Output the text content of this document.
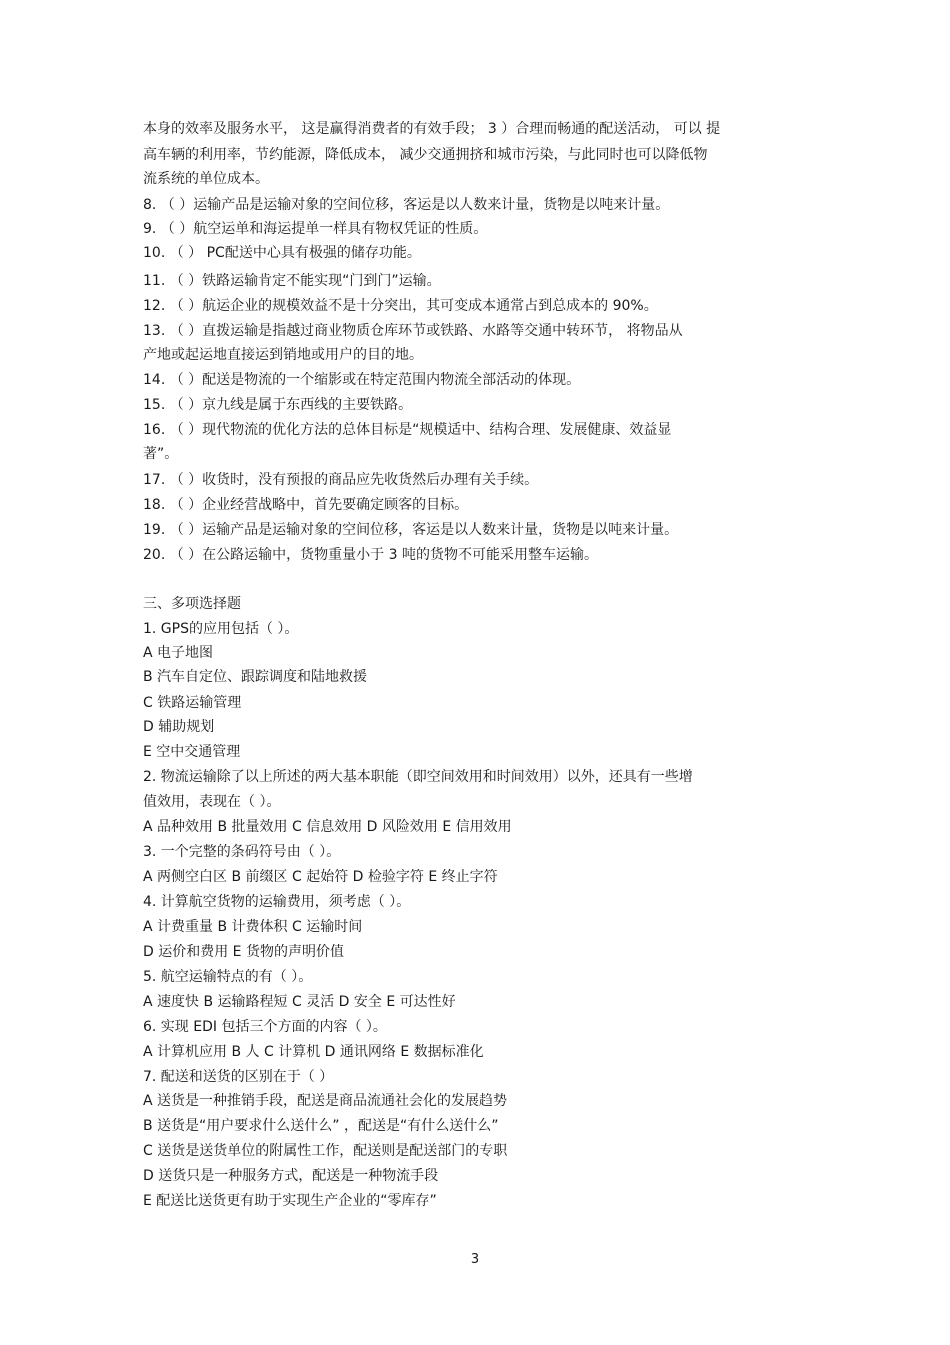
本身的效率及服务水平， 这是赢得消费者的有效手段； 3 ）合理而畅通的配送活动， 可以 提
高车辆的利用率，节约能源，降低成本， 减少交通拥挤和城市污染，与此同时也可以降低物
流系统的单位成本。
8. （ ）运输产品是运输对象的空间位移，客运是以人数来计量，货物是以吨来计量。
9. （ ）航空运单和海运提单一样具有物权凭证的性质。
10. （ ） PC配送中心具有极强的储存功能。
11. （ ）铁路运输肯定不能实现“门到门”运输。
12. （ ）航运企业的规模效益不是十分突出，其可变成本通常占到总成本的 90%。
13. （ ）直拨运输是指越过商业物质仓库环节或铁路、水路等交通中转环节， 将物品从
产地或起运地直接运到销地或用户的目的地。
14. （ ）配送是物流的一个缩影或在特定范围内物流全部活动的体现。
15. （ ）京九线是属于东西线的主要铁路。
16. （ ）现代物流的优化方法的总体目标是“规模适中、结构合理、发展健康、效益显
著”。
17. （ ）收货时，没有预报的商品应先收货然后办理有关手续。
18. （ ）企业经营战略中，首先要确定顾客的目标。
19. （ ）运输产品是运输对象的空间位移，客运是以人数来计量，货物是以吨来计量。
20. （ ）在公路运输中，货物重量小于 3 吨的货物不可能采用整车运输。
三、多项选择题
1. GPS的应用包括（ ）。
A 电子地图
B 汽车自定位、跟踪调度和陆地救援
C 铁路运输管理
D 辅助规划
E 空中交通管理
2. 物流运输除了以上所述的两大基本职能（即空间效用和时间效用）以外，还具有一些增
值效用，表现在（ ）。
A 品种效用 B 批量效用 C 信息效用 D 风险效用 E 信用效用
3. 一个完整的条码符号由（ ）。
A 两侧空白区 B 前缀区 C 起始符 D 检验字符 E 终止字符
4. 计算航空货物的运输费用，须考虑（ ）。
A 计费重量 B 计费体积 C 运输时间
D 运价和费用 E 货物的声明价值
5. 航空运输特点的有（ ）。
A 速度快 B 运输路程短 C 灵活 D 安全 E 可达性好
6. 实现 EDI 包括三个方面的内容（ ）。
A 计算机应用 B 人 C 计算机 D 通讯网络 E 数据标准化
7. 配送和送货的区别在于（ ）
A 送货是一种推销手段，配送是商品流通社会化的发展趋势
B 送货是“用户要求什么送什么” ，配送是“有什么送什么”
C 送货是送货单位的附属性工作，配送则是配送部门的专职
D 送货只是一种服务方式，配送是一种物流手段
E 配送比送货更有助于实现生产企业的“零库存”
3
